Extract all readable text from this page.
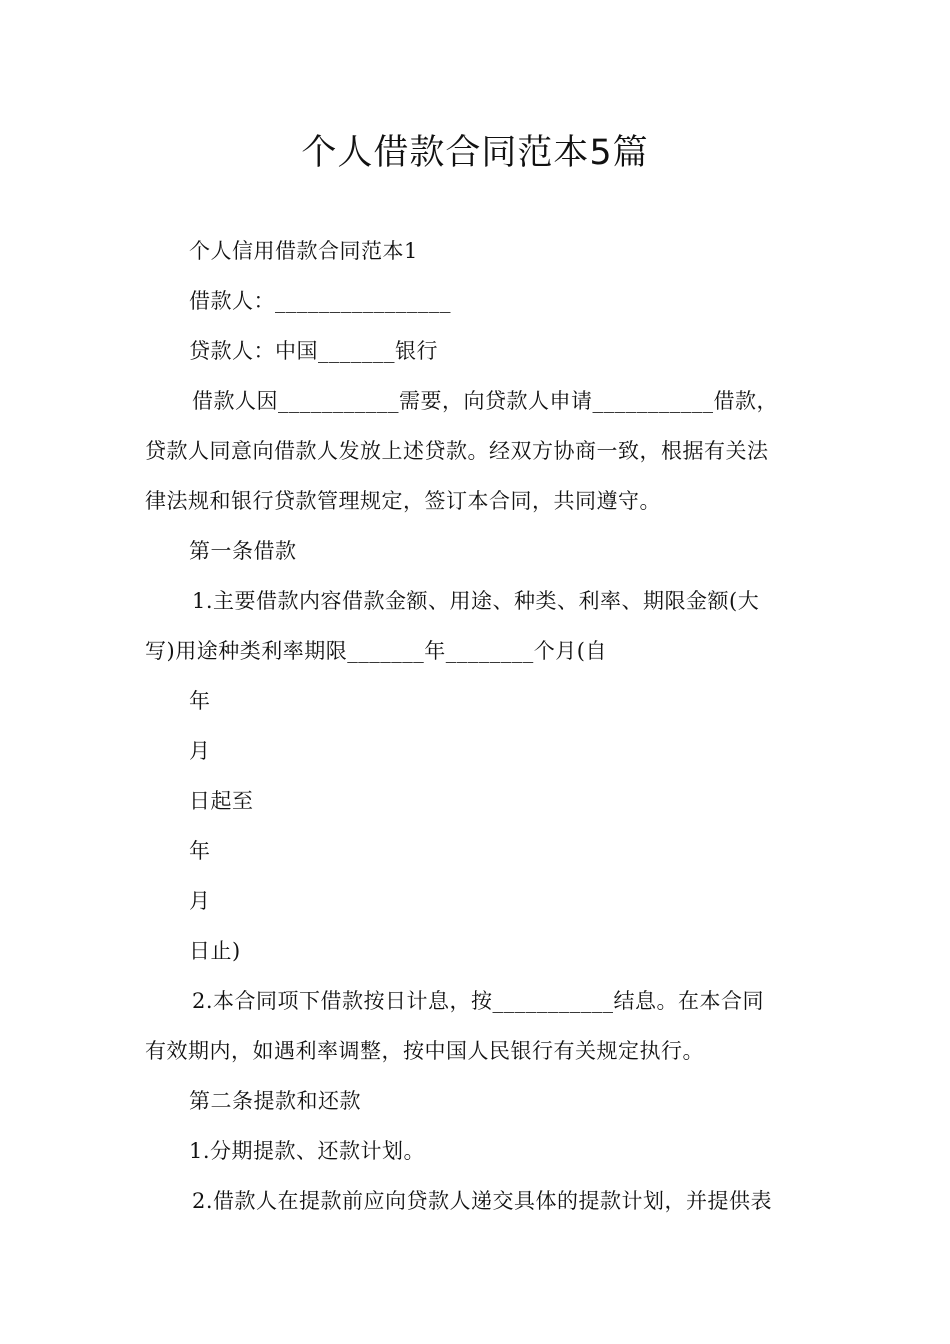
个人借款合同范本5篇
个人信用借款合同范本1
借款人：________________
贷款人：中国_______银行
借款人因___________需要，向贷款人申请___________借款，
贷款人同意向借款人发放上述贷款。经双方协商一致，根据有关法
律法规和银行贷款管理规定，签订本合同，共同遵守。
第一条借款
1.主要借款内容借款金额、用途、种类、利率、期限金额(大
写)用途种类利率期限_______年________个月(自
年
月
日起至
年
月
日止)
2.本合同项下借款按日计息，按___________结息。在本合同
有效期内，如遇利率调整，按中国人民银行有关规定执行。
第二条提款和还款
1.分期提款、还款计划。
2.借款人在提款前应向贷款人递交具体的提款计划，并提供表
